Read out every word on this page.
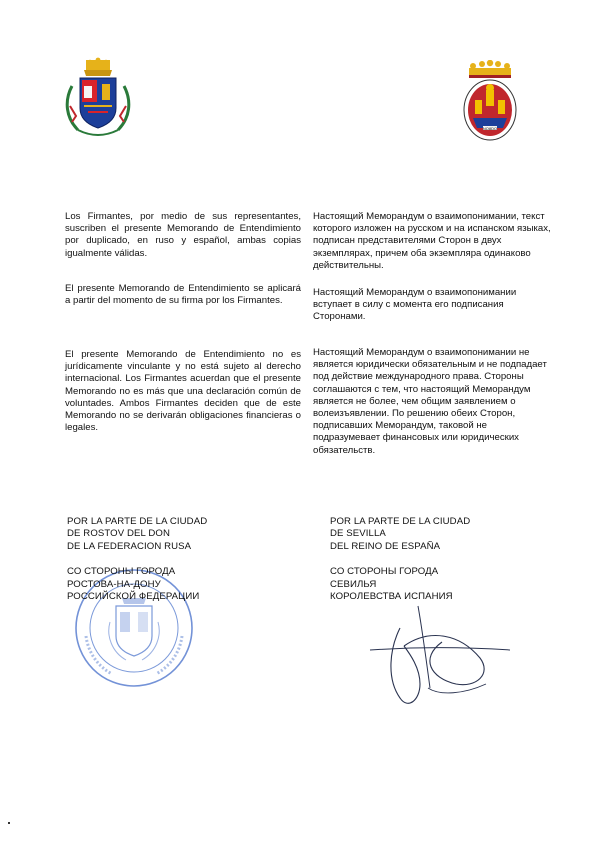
NO8DO

Los Firmantes, por medio de sus representantes, suscriben el presente Memorando de Entendimiento por duplicado, en ruso y español, ambas copias igualmente válidas.

El presente Memorando de Entendimiento se aplicará a partir del momento de su firma por los Firmantes.

El presente Memorando de Entendimiento no es jurídicamente vinculante y no está sujeto al derecho internacional. Los Firmantes acuerdan que el presente Memorando no es más que una declaración común de voluntades. Ambos Firmantes deciden que de este Memorando no se derivarán obligaciones financieras o legales.

Настоящий Меморандум о взаимопонимании, текст которого изложен на русском и на испанском языках, подписан представителями Сторон в двух экземплярах, причем оба экземпляра одинаково действительны.

Настоящий Меморандум о взаимопонимании вступает в силу с момента его подписания Сторонами.

Настоящий Меморандум о взаимопонимании не является юридически обязательным и не подпадает под действие международного права. Стороны соглашаются с тем, что настоящий Меморандум является не более, чем общим заявлением о волеизъявлении. По решению обеих Сторон, подписавших Меморандум, таковой не подразумевает финансовых или юридических обязательств.

POR LA PARTE DE LA CIUDAD
DE ROSTOV DEL DON
DE LA FEDERACION RUSA
СО СТОРОНЫ ГОРОДА
РОСТОВА-НА-ДОНУ
РОССИЙСКОЙ ФЕДЕРАЦИИ
POR LA PARTE DE LA CIUDAD
DE SEVILLA
DEL REINO DE ESPAÑA
СО СТОРОНЫ ГОРОДА
СЕВИЛЬЯ
КОРОЛЕВСТВА ИСПАНИЯ
